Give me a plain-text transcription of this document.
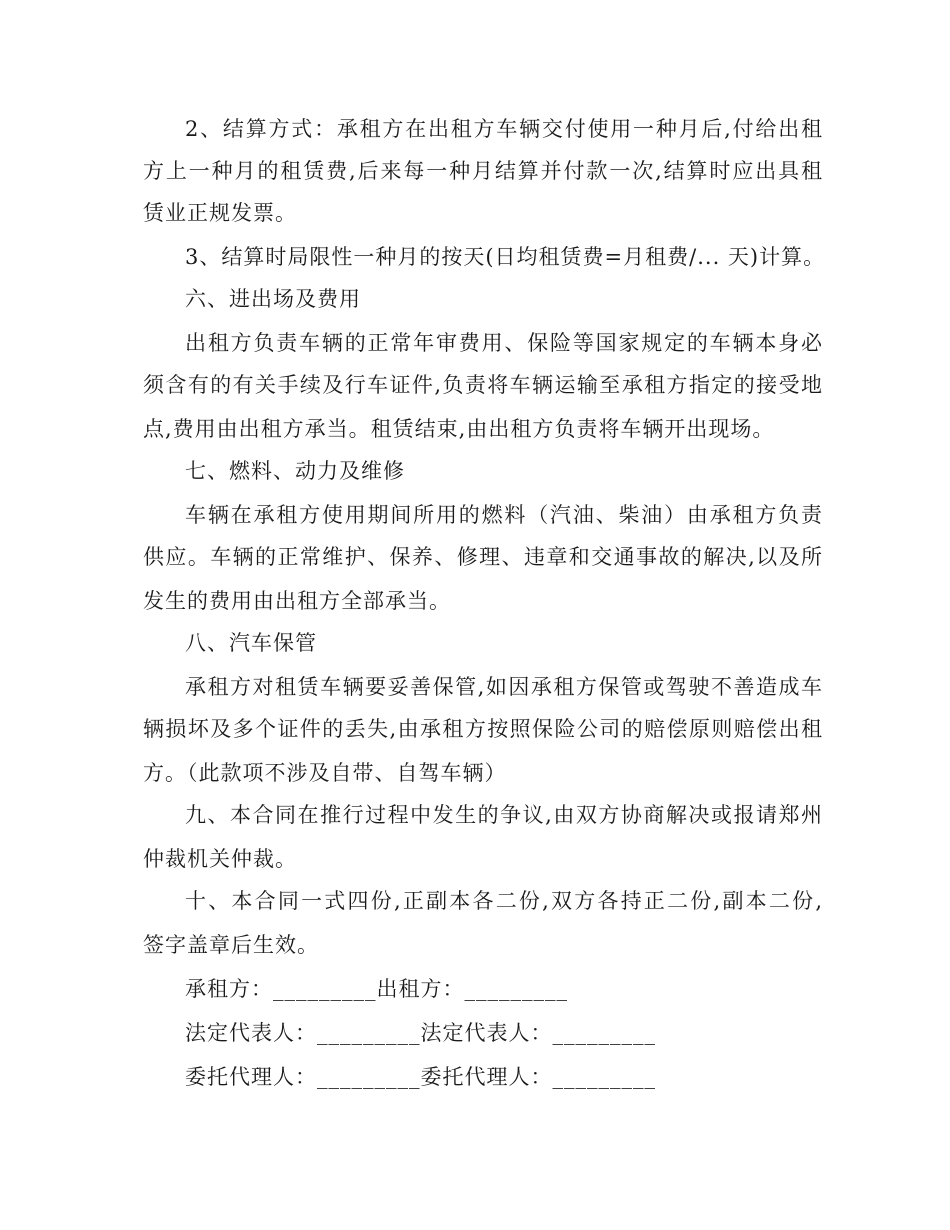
2、结算方式：承租方在出租方车辆交付使用一种月后,付给出租
方上一种月的租赁费,后来每一种月结算并付款一次,结算时应出具租
赁业正规发票。
3、结算时局限性一种月的按天(日均租赁费=月租费/... 天)计算。
六、进出场及费用
出租方负责车辆的正常年审费用、保险等国家规定的车辆本身必
须含有的有关手续及行车证件,负责将车辆运输至承租方指定的接受地
点,费用由出租方承当。租赁结束,由出租方负责将车辆开出现场。
七、燃料、动力及维修
车辆在承租方使用期间所用的燃料（汽油、柴油）由承租方负责
供应。车辆的正常维护、保养、修理、违章和交通事故的解决,以及所
发生的费用由出租方全部承当。
八、汽车保管
承租方对租赁车辆要妥善保管,如因承租方保管或驾驶不善造成车
辆损坏及多个证件的丢失,由承租方按照保险公司的赔偿原则赔偿出租
方。（此款项不涉及自带、自驾车辆）
九、本合同在推行过程中发生的争议,由双方协商解决或报请郑州
仲裁机关仲裁。
十、本合同一式四份,正副本各二份,双方各持正二份,副本二份,
签字盖章后生效。
承租方：_________出租方：_________
法定代表人：_________法定代表人：_________
委托代理人：_________委托代理人：_________
